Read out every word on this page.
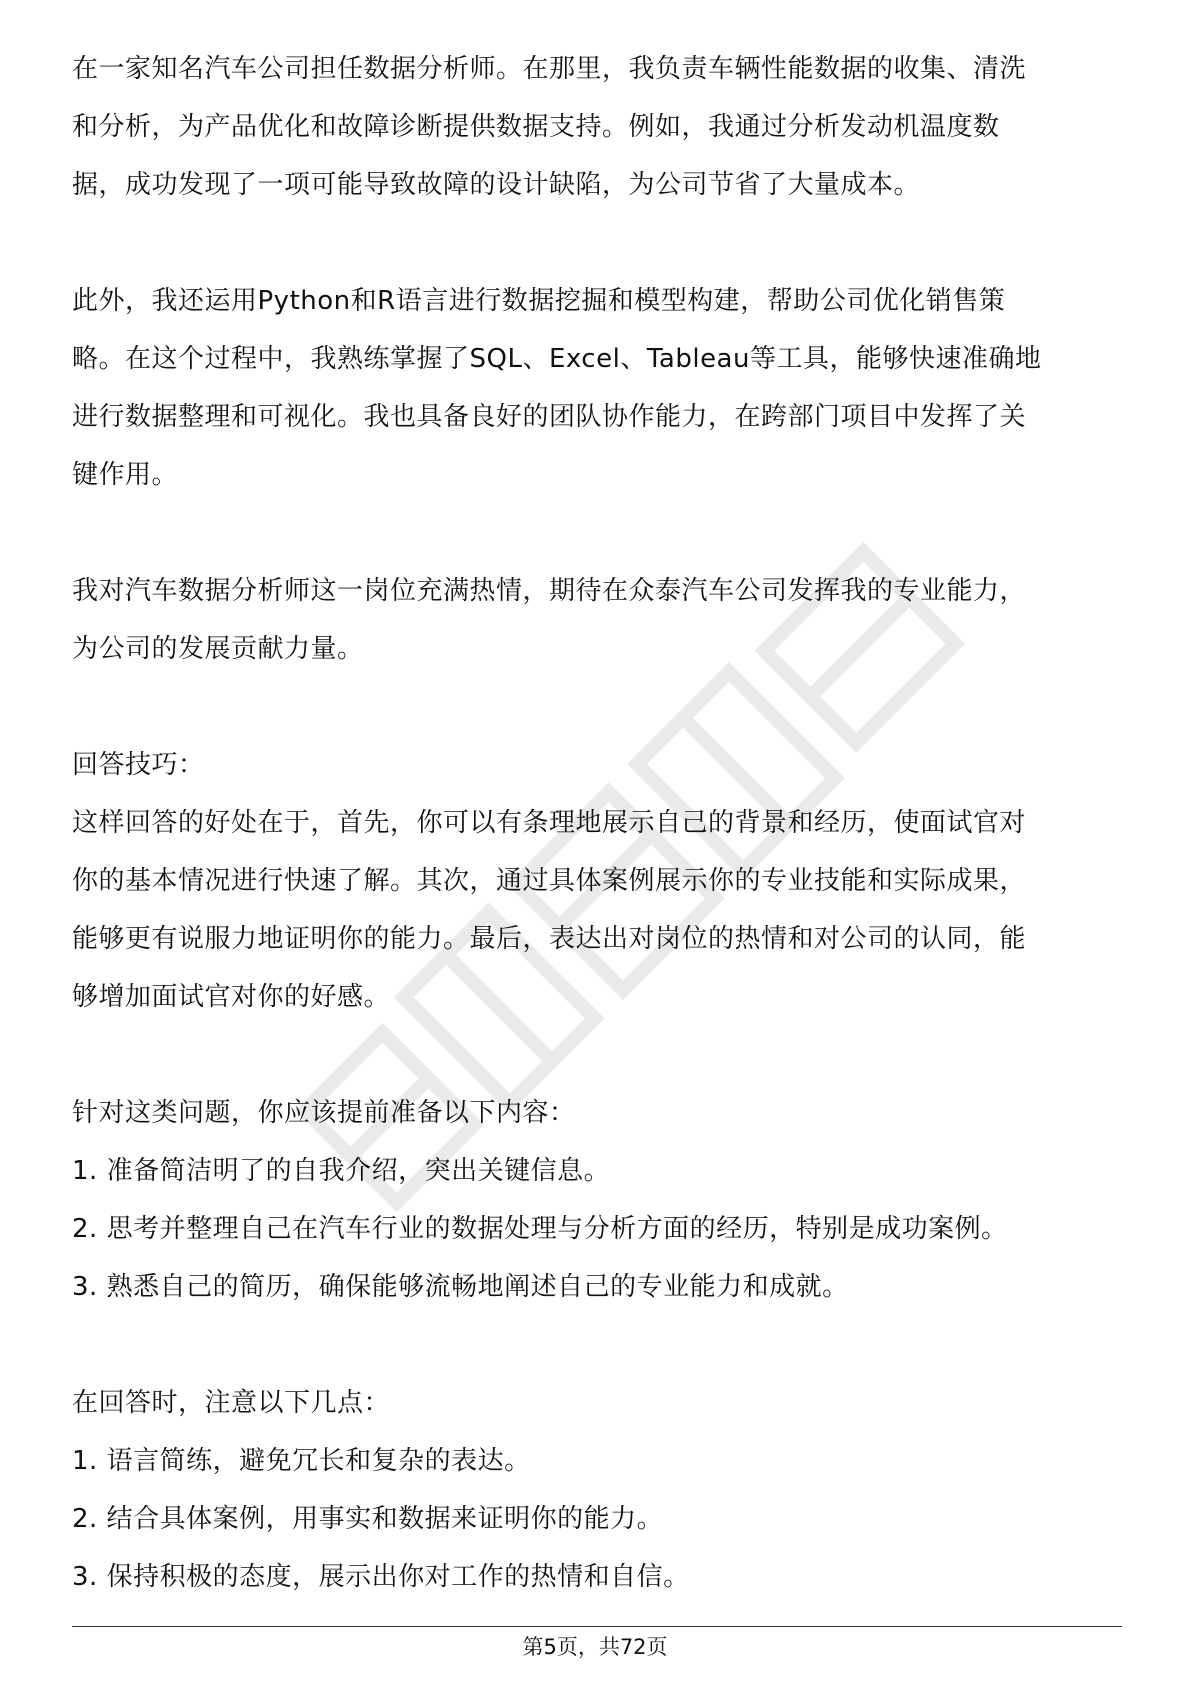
在一家知名汽车公司担任数据分析师。在那里，我负责车辆性能数据的收集、清洗

和分析，为产品优化和故障诊断提供数据支持。例如，我通过分析发动机温度数

据，成功发现了一项可能导致故障的设计缺陷，为公司节省了大量成本。

此外，我还运用Python和R语言进行数据挖掘和模型构建，帮助公司优化销售策

略。在这个过程中，我熟练掌握了SQL、Excel、Tableau等工具，能够快速准确地

进行数据整理和可视化。我也具备良好的团队协作能力，在跨部门项目中发挥了关

键作用。

我对汽车数据分析师这一岗位充满热情，期待在众泰汽车公司发挥我的专业能力，

为公司的发展贡献力量。

回答技巧：

这样回答的好处在于，首先，你可以有条理地展示自己的背景和经历，使面试官对

你的基本情况进行快速了解。其次，通过具体案例展示你的专业技能和实际成果，

能够更有说服力地证明你的能力。最后，表达出对岗位的热情和对公司的认同，能

够增加面试官对你的好感。

针对这类问题，你应该提前准备以下内容：

1. 准备简洁明了的自我介绍，突出关键信息。

2. 思考并整理自己在汽车行业的数据处理与分析方面的经历，特别是成功案例。

3. 熟悉自己的简历，确保能够流畅地阐述自己的专业能力和成就。

在回答时，注意以下几点：

1. 语言简练，避免冗长和复杂的表达。

2. 结合具体案例，用事实和数据来证明你的能力。

3. 保持积极的态度，展示出你对工作的热情和自信。

第5页，共72页
